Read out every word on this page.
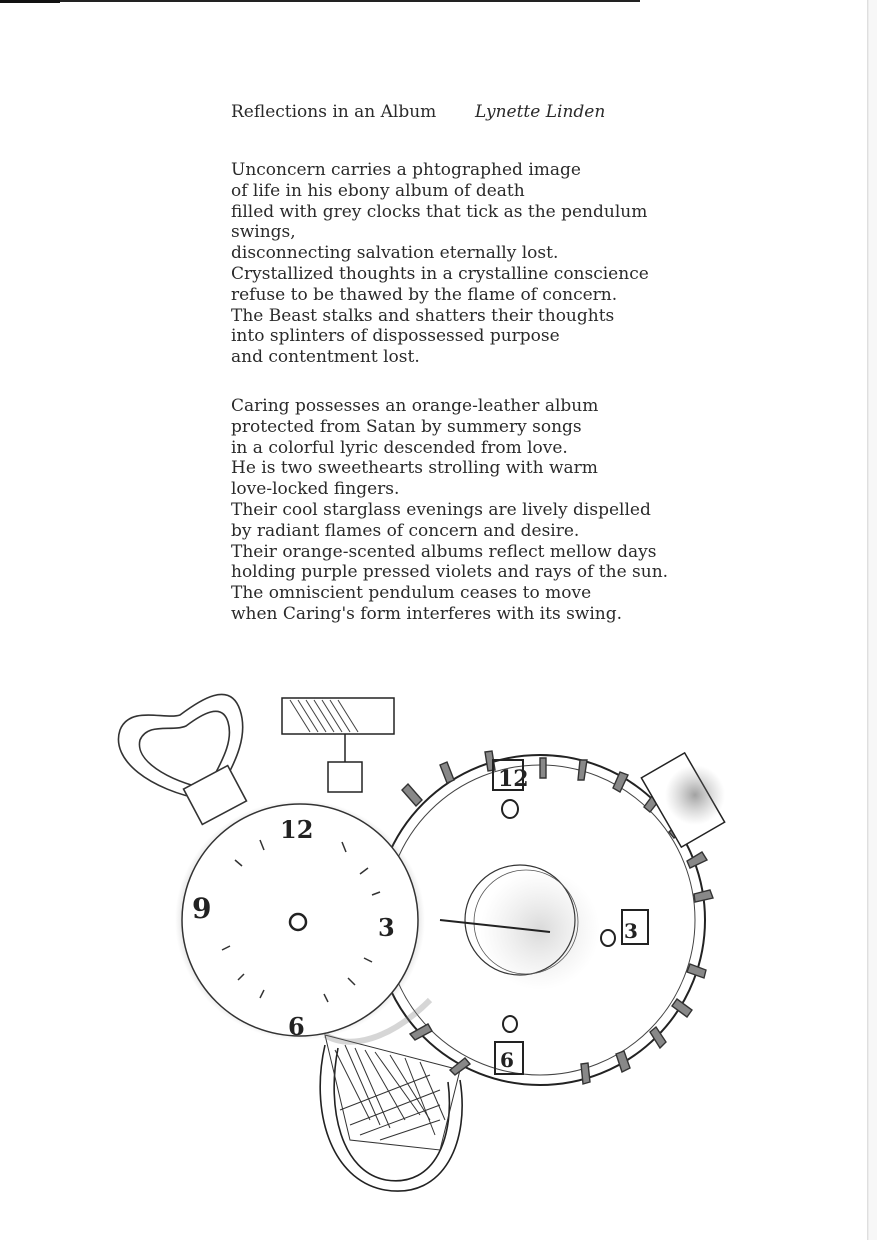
Reflections in an Album Lynette Linden
Unconcern carries a phtographed image
of life in his ebony album of death
filled with grey clocks that tick as the pendulum
swings,
disconnecting salvation eternally lost.
Crystallized thoughts in a crystalline conscience
refuse to be thawed by the flame of concern.
The Beast stalks and shatters their thoughts
into splinters of dispossessed purpose
and contentment lost.
Caring possesses an orange-leather album
protected from Satan by summery songs
in a colorful lyric descended from love.
He is two sweethearts strolling with warm
love-locked fingers.
Their cool starglass evenings are lively dispelled
by radiant flames of concern and desire.
Their orange-scented albums reflect mellow days
holding purple pressed violets and rays of the sun.
The omniscient pendulum ceases to move
when Caring's form interferes with its swing.
12
3
6
12
3
6
9
